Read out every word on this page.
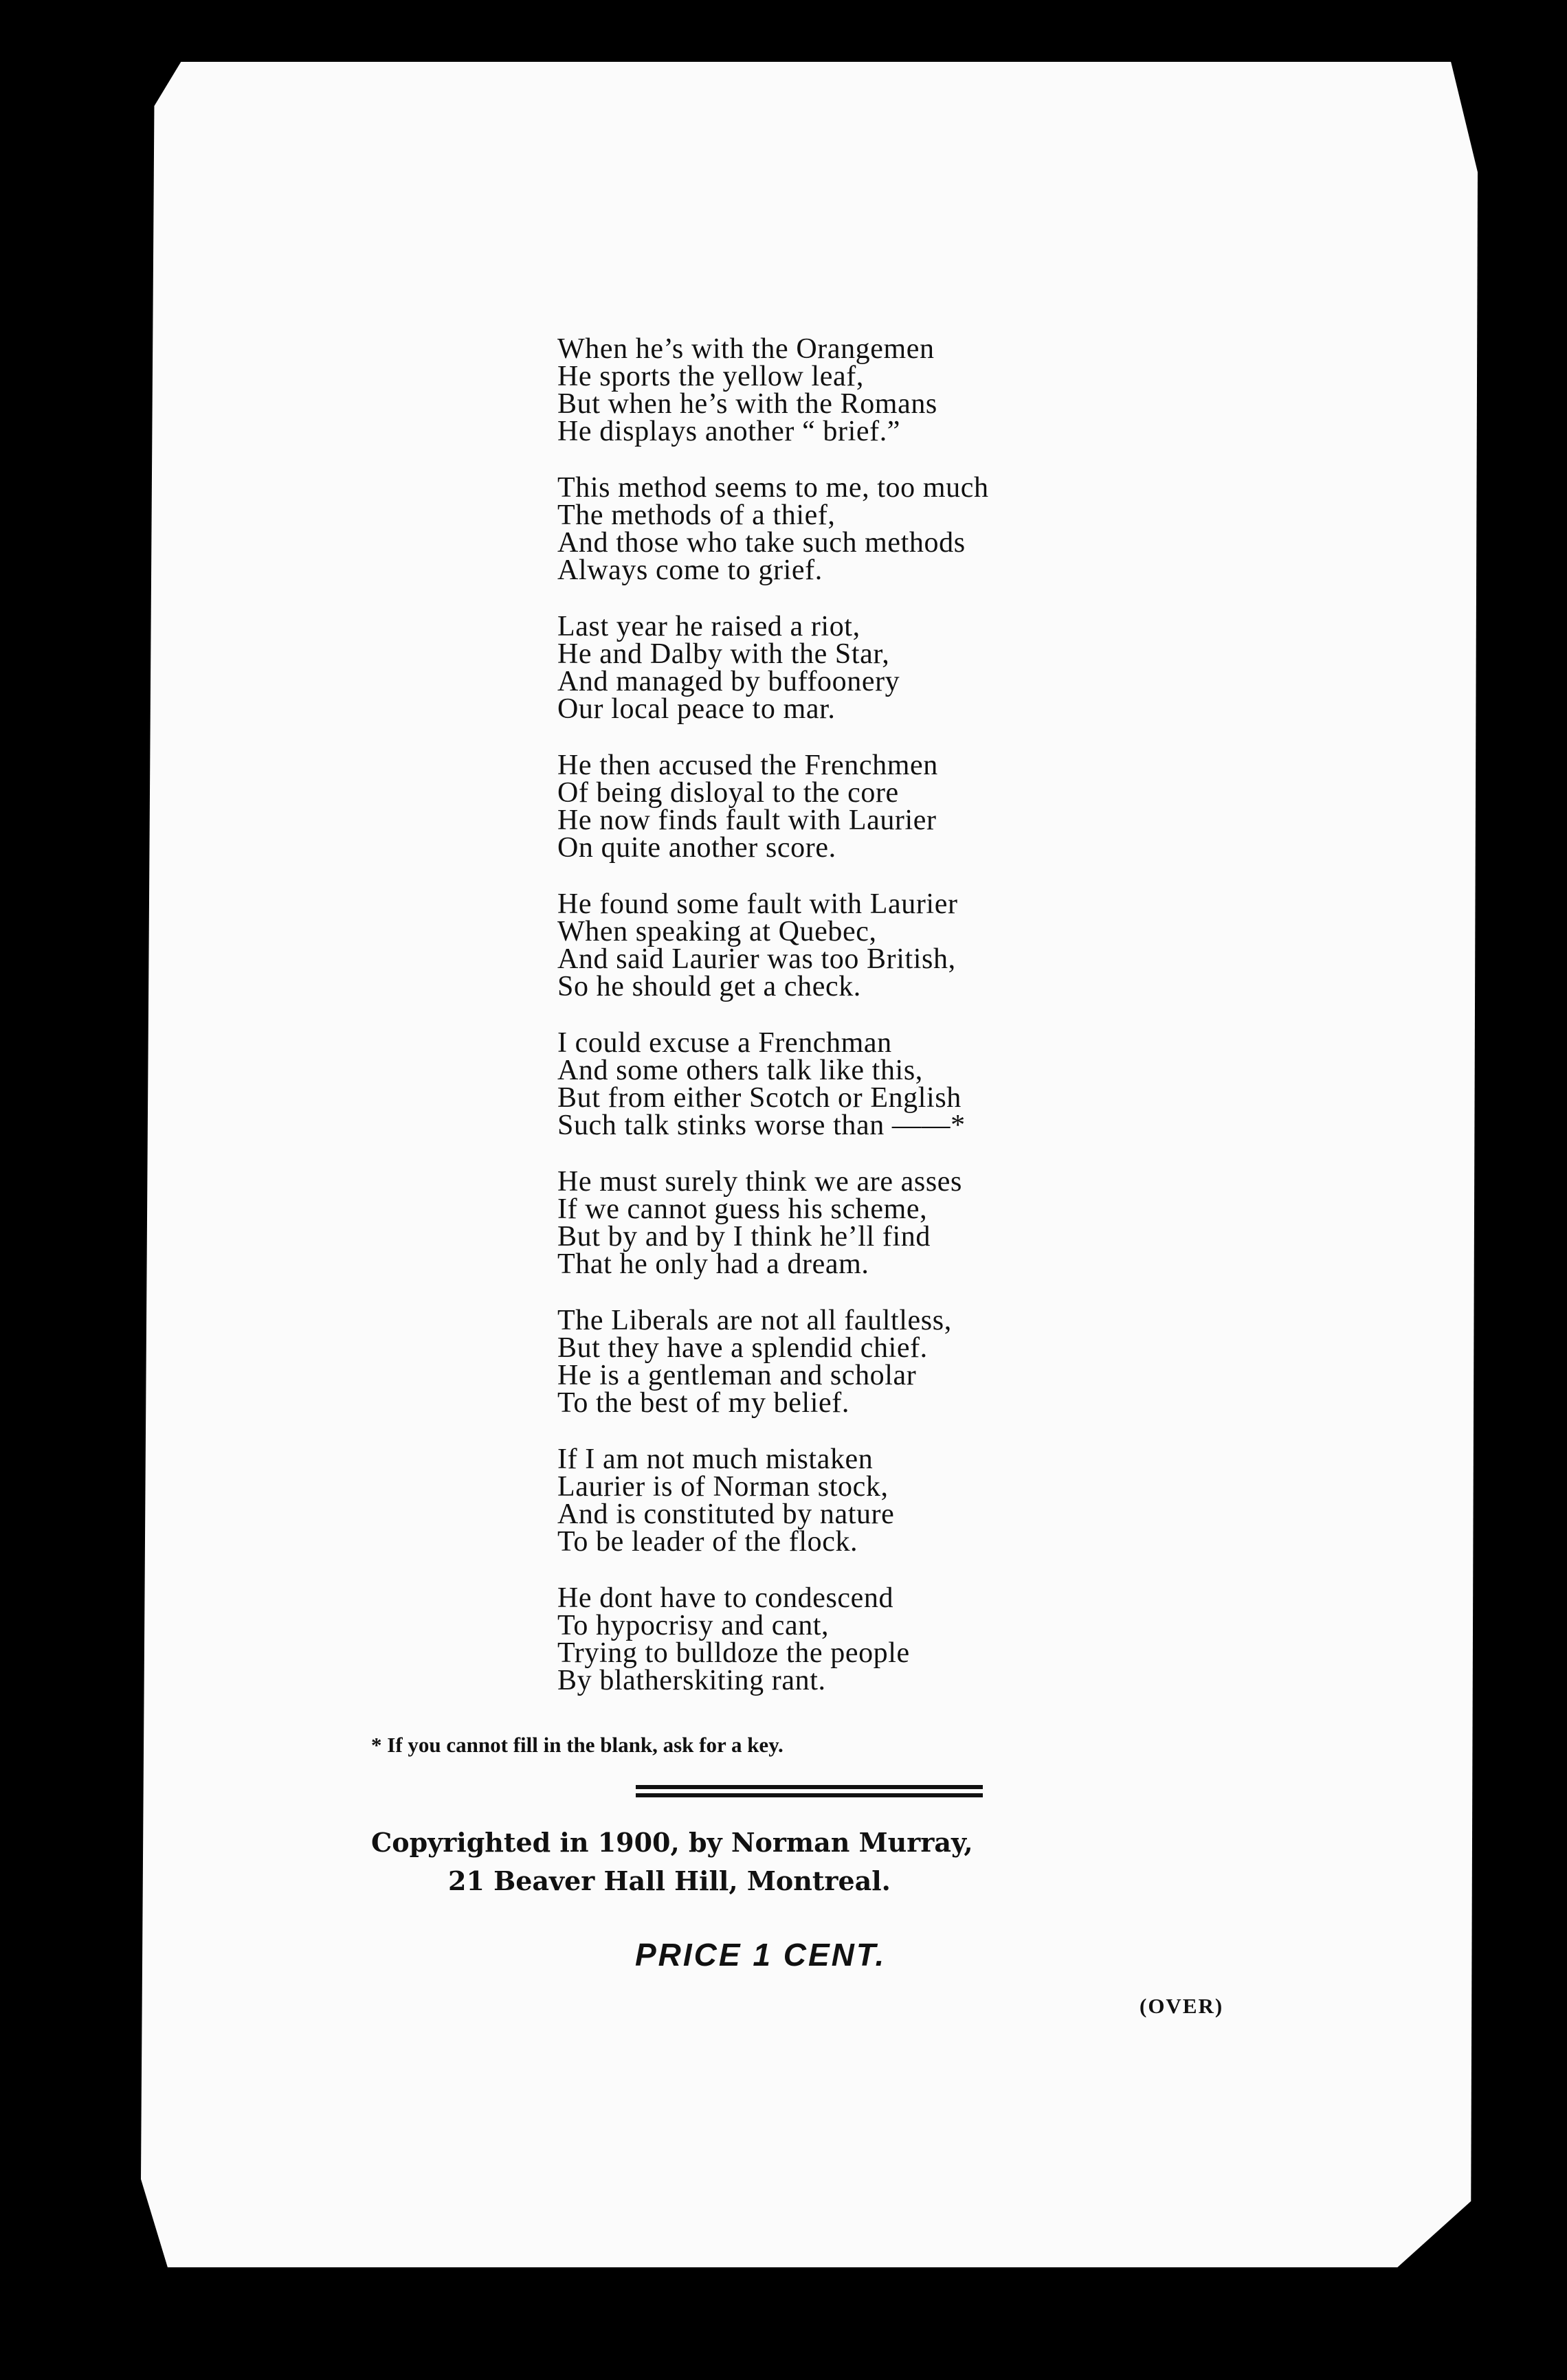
When he’s with the Orangemen
He sports the yellow leaf,
But when he’s with the Romans
He displays another “ brief.”
This method seems to me, too much
The methods of a thief,
And those who take such methods
Always come to grief.
Last year he raised a riot,
He and Dalby with the Star,
And managed by buffoonery
Our local peace to mar.
He then accused the Frenchmen
Of being disloyal to the core
He now finds fault with Laurier
On quite another score.
He found some fault with Laurier
When speaking at Quebec,
And said Laurier was too British,
So he should get a check.
I could excuse a Frenchman
And some others talk like this,
But from either Scotch or English
Such talk stinks worse than ——*
He must surely think we are asses
If we cannot guess his scheme,
But by and by I think he’ll find
That he only had a dream.
The Liberals are not all faultless,
But they have a splendid chief.
He is a gentleman and scholar
To the best of my belief.
If I am not much mistaken
Laurier is of Norman stock,
And is constituted by nature
To be leader of the flock.
He dont have to condescend
To hypocrisy and cant,
Trying to bulldoze the people
By blatherskiting rant.
* If you cannot fill in the blank, ask for a key.
Copyrighted in 1900, by Norman Murray,
21 Beaver Hall Hill, Montreal.
PRICE 1 CENT.
(OVER)
